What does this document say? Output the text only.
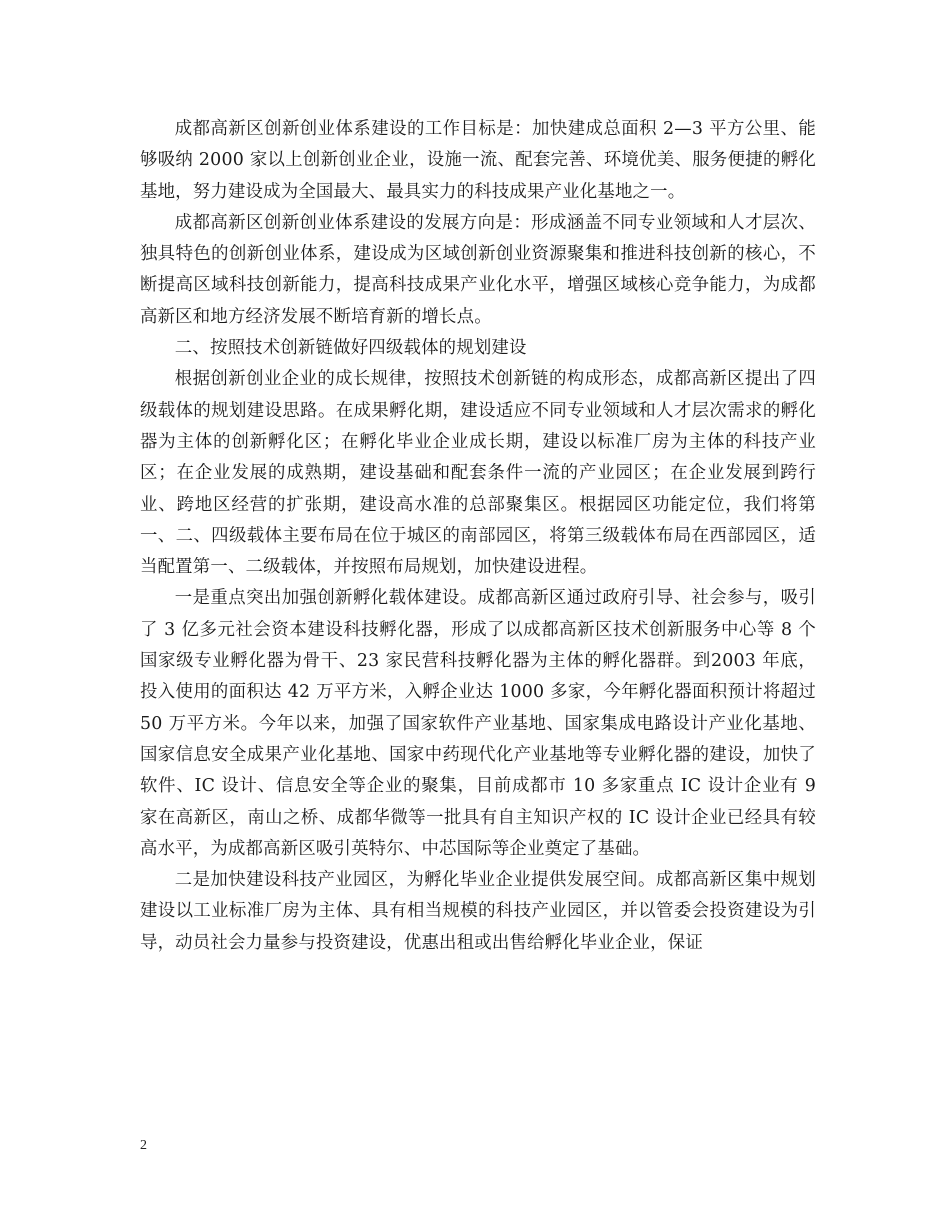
成都高新区创新创业体系建设的工作目标是：加快建成总面积 2—3 平方公里、能够吸纳 2000 家以上创新创业企业，设施一流、配套完善、环境优美、服务便捷的孵化基地，努力建设成为全国最大、最具实力的科技成果产业化基地之一。

成都高新区创新创业体系建设的发展方向是：形成涵盖不同专业领域和人才层次、独具特色的创新创业体系，建设成为区域创新创业资源聚集和推进科技创新的核心，不断提高区域科技创新能力，提高科技成果产业化水平，增强区域核心竞争能力，为成都高新区和地方经济发展不断培育新的增长点。

二、按照技术创新链做好四级载体的规划建设

根据创新创业企业的成长规律，按照技术创新链的构成形态，成都高新区提出了四级载体的规划建设思路。在成果孵化期，建设适应不同专业领域和人才层次需求的孵化器为主体的创新孵化区；在孵化毕业企业成长期，建设以标准厂房为主体的科技产业区；在企业发展的成熟期，建设基础和配套条件一流的产业园区；在企业发展到跨行业、跨地区经营的扩张期，建设高水准的总部聚集区。根据园区功能定位，我们将第一、二、四级载体主要布局在位于城区的南部园区，将第三级载体布局在西部园区，适当配置第一、二级载体，并按照布局规划，加快建设进程。

一是重点突出加强创新孵化载体建设。成都高新区通过政府引导、社会参与，吸引了 3 亿多元社会资本建设科技孵化器，形成了以成都高新区技术创新服务中心等 8 个国家级专业孵化器为骨干、23 家民营科技孵化器为主体的孵化器群。到2003 年底，投入使用的面积达 42 万平方米，入孵企业达 1000 多家，今年孵化器面积预计将超过 50 万平方米。今年以来，加强了国家软件产业基地、国家集成电路设计产业化基地、国家信息安全成果产业化基地、国家中药现代化产业基地等专业孵化器的建设，加快了软件、IC 设计、信息安全等企业的聚集，目前成都市 10 多家重点 IC 设计企业有 9 家在高新区，南山之桥、成都华微等一批具有自主知识产权的 IC 设计企业已经具有较高水平，为成都高新区吸引英特尔、中芯国际等企业奠定了基础。

二是加快建设科技产业园区，为孵化毕业企业提供发展空间。成都高新区集中规划建设以工业标准厂房为主体、具有相当规模的科技产业园区，并以管委会投资建设为引导，动员社会力量参与投资建设，优惠出租或出售给孵化毕业企业，保证

2
